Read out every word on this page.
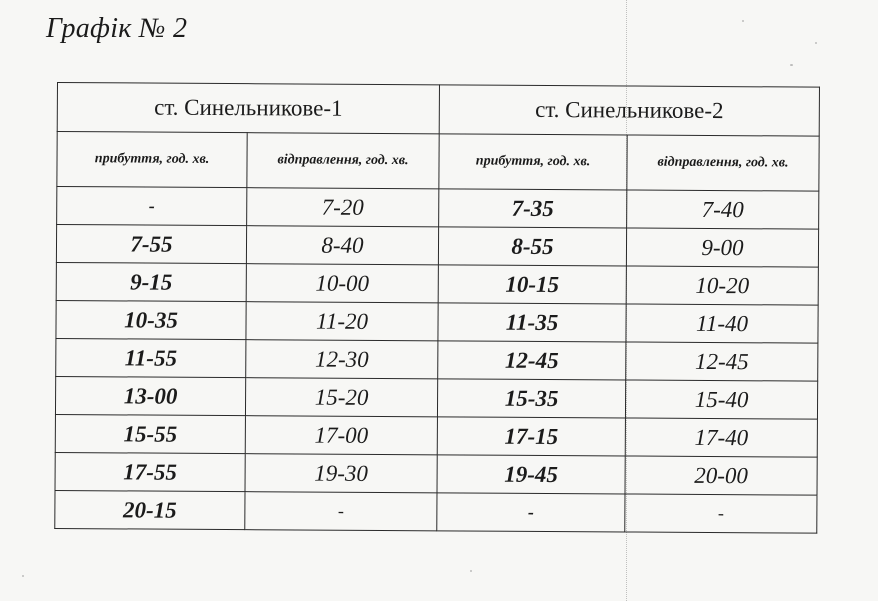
Графік № 2
ст. Синельникове-1		ст. Синельникове-2	
прибуття, год. хв.	відправлення, год. хв.	прибуття, год. хв.	відправлення, год. хв.
-	7-20	7-35	7-40
7-55	8-40	8-55	9-00
9-15	10-00	10-15	10-20
10-35	11-20	11-35	11-40
11-55	12-30	12-45	12-45
13-00	15-20	15-35	15-40
15-55	17-00	17-15	17-40
17-55	19-30	19-45	20-00
20-15	-	-	-
